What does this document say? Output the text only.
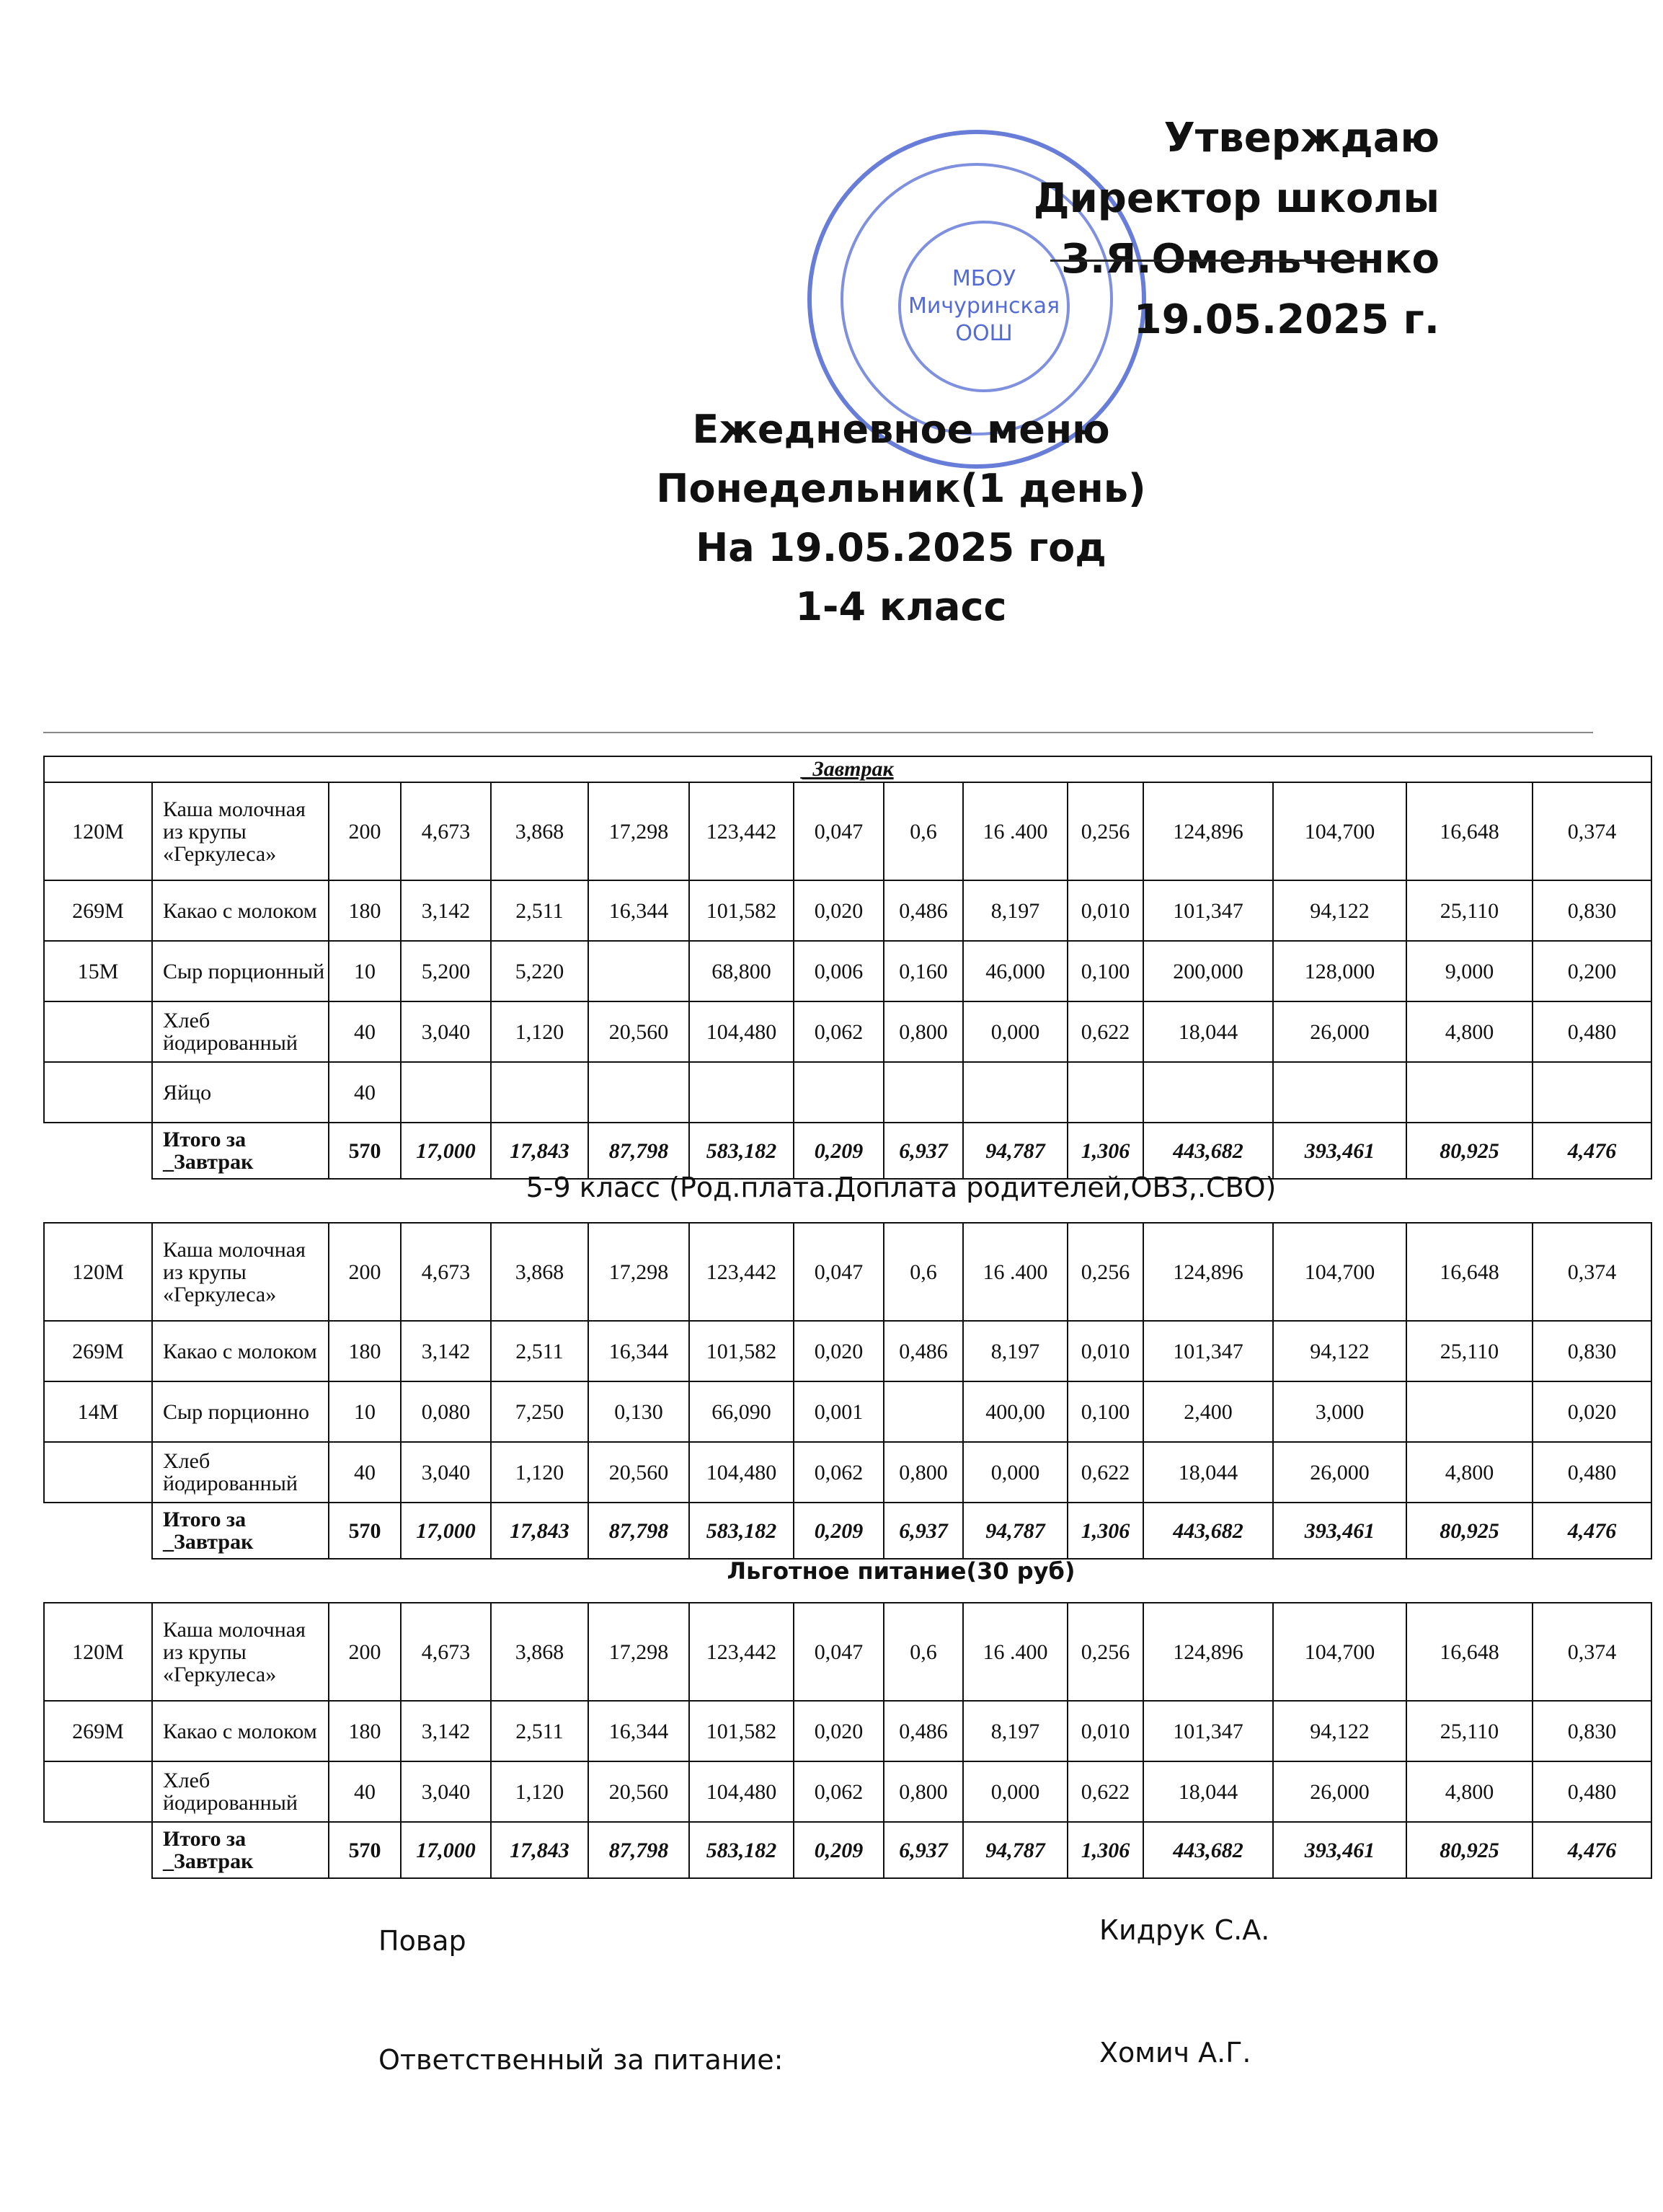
МБОУ Мичуринская ООШ
Утверждаю
Директор школы
З.Я.Омельченко
19.05.2025 г.
Ежедневное меню
Понедельник(1 день)
На 19.05.2025 год
1-4 класс
_Завтрак														
120М	Каша молочная из крупы «Геркулеса»	200	4,673	3,868	17,298	123,442	0,047	0,6	16 .400	0,256	124,896	104,700	16,648	0,374
269М	Какао с молоком	180	3,142	2,511	16,344	101,582	0,020	0,486	8,197	0,010	101,347	94,122	25,110	0,830
15М	Сыр порционный	10	5,200	5,220		68,800	0,006	0,160	46,000	0,100	200,000	128,000	9,000	0,200
	Хлеб йодированный	40	3,040	1,120	20,560	104,480	0,062	0,800	0,000	0,622	18,044	26,000	4,800	0,480
	Яйцо	40												
	Итого за _Завтрак	570	17,000	17,843	87,798	583,182	0,209	6,937	94,787	1,306	443,682	393,461	80,925	4,476
5-9 класс (Род.плата.Доплата родителей,ОВЗ,.СВО)
120М	Каша молочная из крупы «Геркулеса»	200	4,673	3,868	17,298	123,442	0,047	0,6	16 .400	0,256	124,896	104,700	16,648	0,374
269М	Какао с молоком	180	3,142	2,511	16,344	101,582	0,020	0,486	8,197	0,010	101,347	94,122	25,110	0,830
14М	Сыр порционно	10	0,080	7,250	0,130	66,090	0,001		400,00	0,100	2,400	3,000		0,020
	Хлеб йодированный	40	3,040	1,120	20,560	104,480	0,062	0,800	0,000	0,622	18,044	26,000	4,800	0,480
	Итого за _Завтрак	570	17,000	17,843	87,798	583,182	0,209	6,937	94,787	1,306	443,682	393,461	80,925	4,476
Льготное питание(30 руб)
120М	Каша молочная из крупы «Геркулеса»	200	4,673	3,868	17,298	123,442	0,047	0,6	16 .400	0,256	124,896	104,700	16,648	0,374
269М	Какао с молоком	180	3,142	2,511	16,344	101,582	0,020	0,486	8,197	0,010	101,347	94,122	25,110	0,830
	Хлеб йодированный	40	3,040	1,120	20,560	104,480	0,062	0,800	0,000	0,622	18,044	26,000	4,800	0,480
	Итого за _Завтрак	570	17,000	17,843	87,798	583,182	0,209	6,937	94,787	1,306	443,682	393,461	80,925	4,476
Повар	Кидрук С.А.
Ответственный за питание:	Хомич А.Г.
